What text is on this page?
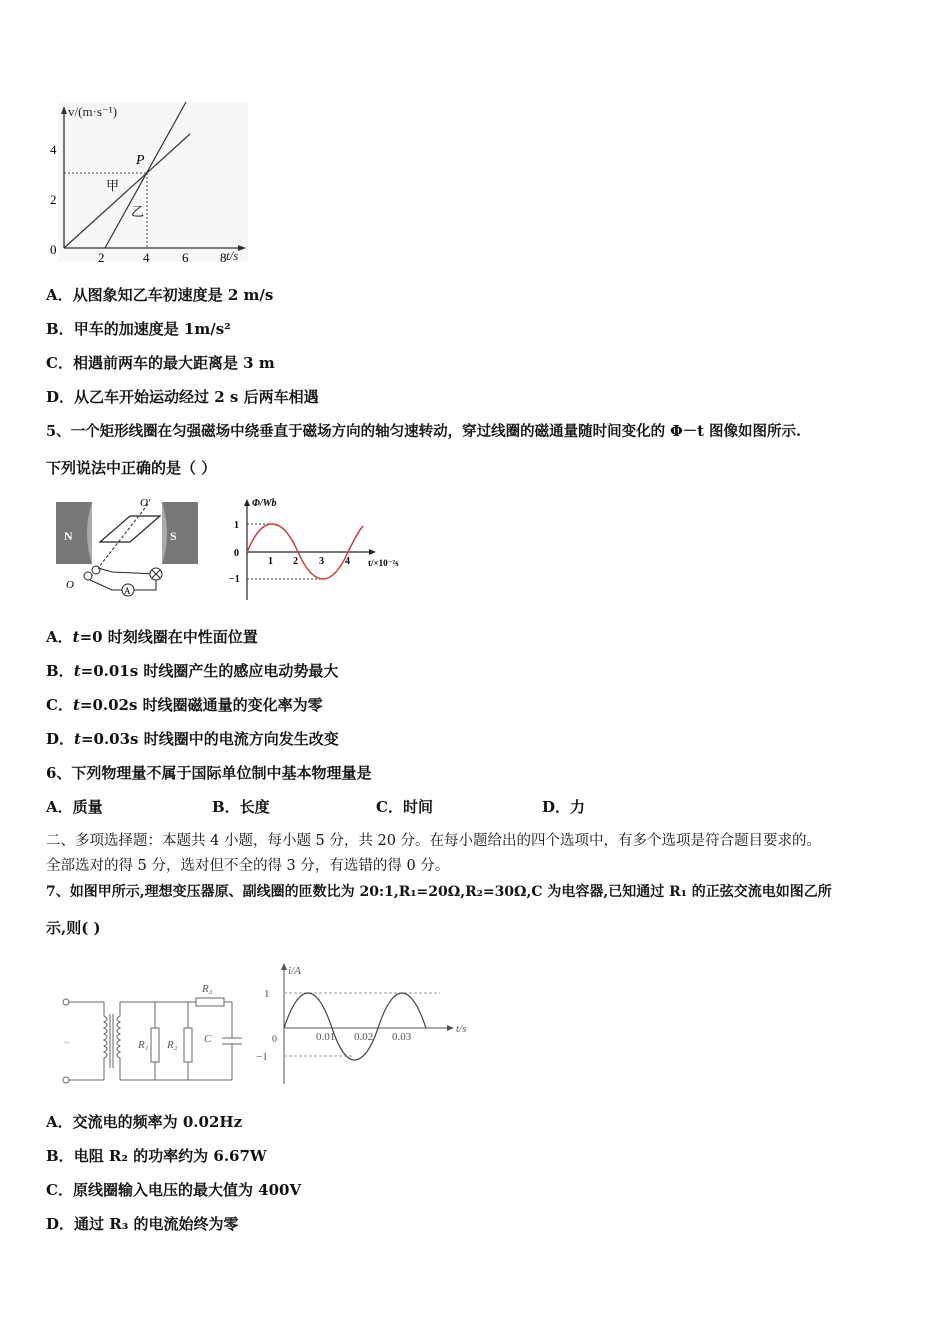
v/(m·s⁻¹)
t/s
4
2
0
2	4	6 8
P
甲
乙
A．从图象知乙车初速度是 2 m/s
B．甲车的加速度是 1m/s²
C．相遇前两车的最大距离是 3 m
D．从乙车开始运动经过 2 s 后两车相遇
5、一个矩形线圈在匀强磁场中绕垂直于磁场方向的轴匀速转动，穿过线圈的磁通量随时间变化的 Φ－t 图像如图所示.
下列说法中正确的是（ ）
N	S
O′
O	A
Φ/Wb
t/×10⁻²s
1
0
−1
1 2 3 4
A．t=0 时刻线圈在中性面位置
B．t=0.01s 时线圈产生的感应电动势最大
C．t=0.02s 时线圈磁通量的变化率为零
D．t=0.03s 时线圈中的电流方向发生改变
6、下列物理量不属于国际单位制中基本物理量是
A．质量	B．长度	C．时间	D．力
二、多项选择题：本题共 4 小题，每小题 5 分，共 20 分。在每小题给出的四个选项中，有多个选项是符合题目要求的。
全部选对的得 5 分，选对但不全的得 3 分，有选错的得 0 分。
7、如图甲所示,理想变压器原、副线圈的匝数比为 20:1,R₁=20Ω,R₂=30Ω,C 为电容器,已知通过 R₁ 的正弦交流电如图乙所
示,则( )
~	R₁ R₂
R₃
C
i/A
t/s
1
0
−1
0.01 0.02 0.03
A．交流电的频率为 0.02Hz
B．电阻 R₂ 的功率约为 6.67W
C．原线圈输入电压的最大值为 400V
D．通过 R₃ 的电流始终为零
